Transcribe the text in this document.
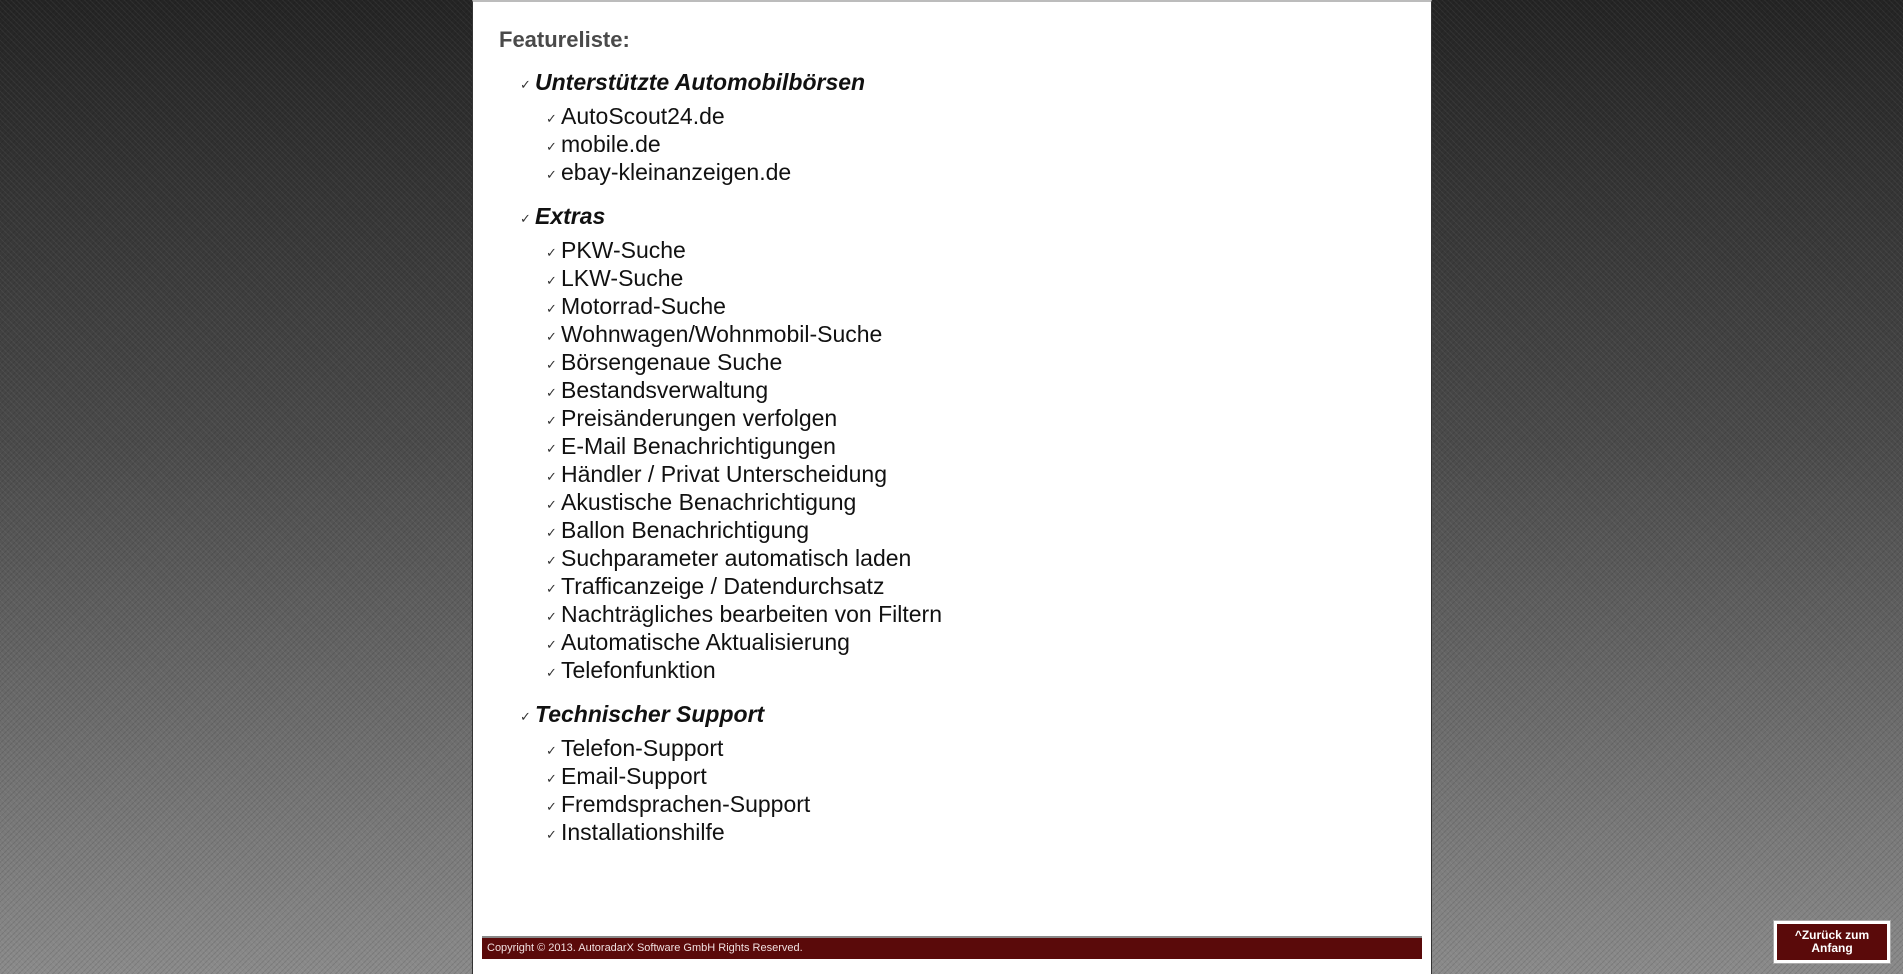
Featureliste:
✓ Unterstützte Automobilbörsen
✓ AutoScout24.de
✓ mobile.de
✓ ebay-kleinanzeigen.de
✓ Extras
✓ PKW-Suche
✓ LKW-Suche
✓ Motorrad-Suche
✓ Wohnwagen/Wohnmobil-Suche
✓ Börsengenaue Suche
✓ Bestandsverwaltung
✓ Preisänderungen verfolgen
✓ E-Mail Benachrichtigungen
✓ Händler / Privat Unterscheidung
✓ Akustische Benachrichtigung
✓ Ballon Benachrichtigung
✓ Suchparameter automatisch laden
✓ Trafficanzeige / Datendurchsatz
✓ Nachträgliches bearbeiten von Filtern
✓ Automatische Aktualisierung
✓ Telefonfunktion
✓ Technischer Support
✓ Telefon-Support
✓ Email-Support
✓ Fremdsprachen-Support
✓ Installationshilfe
Copyright © 2013. AutoradarX Software GmbH Rights Reserved.
^Zurück zum Anfang
